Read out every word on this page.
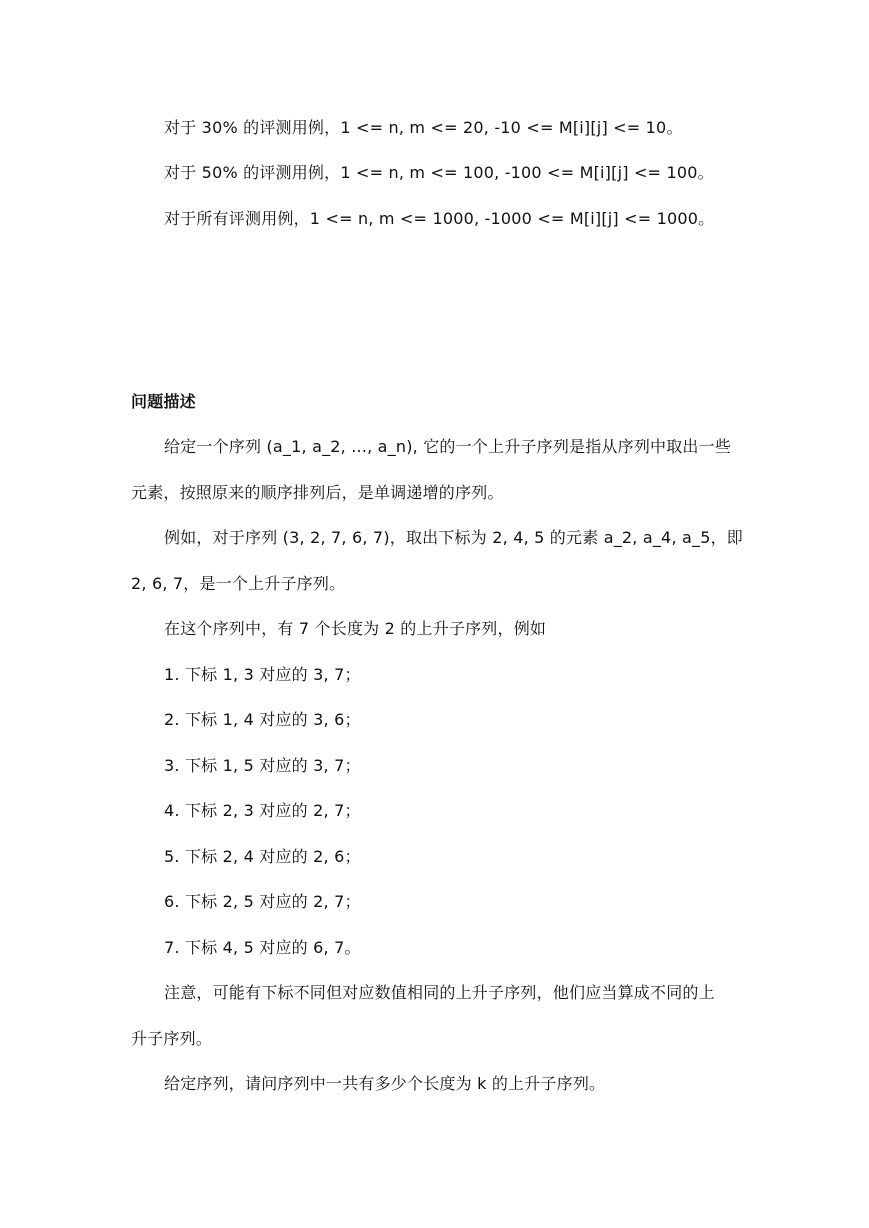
对于 30% 的评测用例，1 <= n, m <= 20, -10 <= M[i][j] <= 10。
对于 50% 的评测用例，1 <= n, m <= 100, -100 <= M[i][j] <= 100。
对于所有评测用例，1 <= n, m <= 1000, -1000 <= M[i][j] <= 1000。
问题描述
给定一个序列 (a_1, a_2, ..., a_n), 它的一个上升子序列是指从序列中取出一些
元素，按照原来的顺序排列后，是单调递增的序列。
例如，对于序列 (3, 2, 7, 6, 7)，取出下标为 2, 4, 5 的元素 a_2, a_4, a_5，即
2, 6, 7，是一个上升子序列。
在这个序列中，有 7 个长度为 2 的上升子序列，例如
1. 下标 1, 3 对应的 3, 7；
2. 下标 1, 4 对应的 3, 6；
3. 下标 1, 5 对应的 3, 7；
4. 下标 2, 3 对应的 2, 7；
5. 下标 2, 4 对应的 2, 6；
6. 下标 2, 5 对应的 2, 7；
7. 下标 4, 5 对应的 6, 7。
注意，可能有下标不同但对应数值相同的上升子序列，他们应当算成不同的上
升子序列。
给定序列，请问序列中一共有多少个长度为 k 的上升子序列。
